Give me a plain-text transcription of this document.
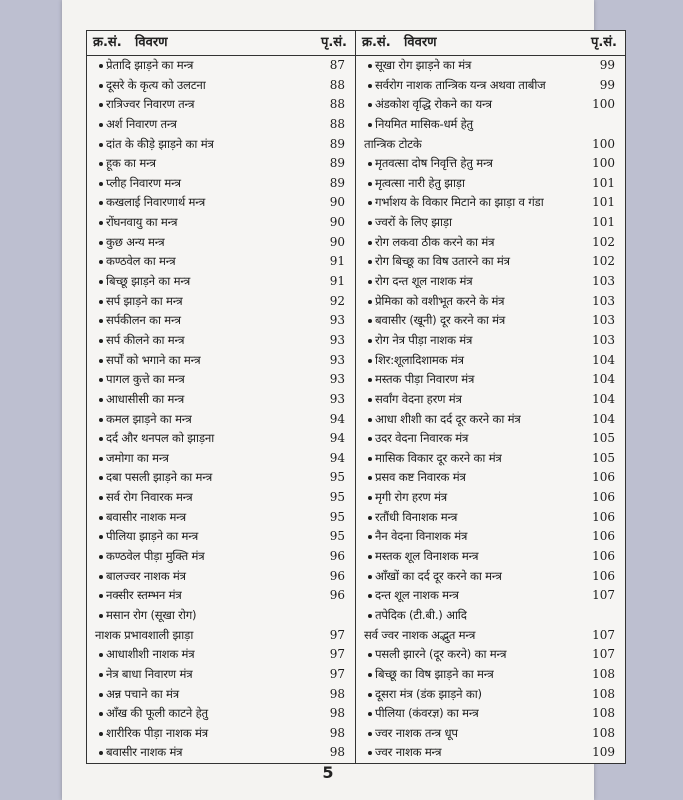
क्र.सं. विवरण	पृ.सं.
प्रेतादि झाड़ने का मन्त्र	87
दूसरे के कृत्य को उलटना	88
रात्रिज्वर निवारण तन्त्र	88
अर्श निवारण तन्त्र	88
दांत के कीड़े झाड़ने का मंत्र	89
हूक का मन्त्र	89
प्लीह निवारण मन्त्र	89
कखलाई निवारणार्थ मन्त्र	90
रोंघनवायु का मन्त्र	90
कुछ अन्य मन्त्र	90
कण्ठवेल का मन्त्र	91
बिच्छू झाड़ने का मन्त्र	91
सर्प झाड़ने का मन्त्र	92
सर्पकीलन का मन्त्र	93
सर्प कीलने का मन्त्र	93
सर्पों को भगाने का मन्त्र	93
पागल कुत्ते का मन्त्र	93
आधासीसी का मन्त्र	93
कमल झाड़ने का मन्त्र	94
दर्द और थनपल को झाड़ना	94
जमोगा का मन्त्र	94
दबा पसली झाड़ने का मन्त्र	95
सर्व रोग निवारक मन्त्र	95
बवासीर नाशक मन्त्र	95
पीलिया झाड़ने का मन्त्र	95
कण्ठवेल पीड़ा मुक्ति मंत्र	96
बालज्वर नाशक मंत्र	96
नक्सीर स्तम्भन मंत्र	96
मसान रोग (सूखा रोग)
नाशक प्रभावशाली झाड़ा	97
आधाशीशी नाशक मंत्र	97
नेत्र बाधा निवारण मंत्र	97
अन्न पचाने का मंत्र	98
आँख की फूली काटने हेतु	98
शारीरिक पीड़ा नाशक मंत्र	98
बवासीर नाशक मंत्र	98
क्र.सं. विवरण	पृ.सं.
सूखा रोग झाड़ने का मंत्र	99
सर्वरोग नाशक तान्त्रिक यन्त्र अथवा ताबीज	99
अंडकोश वृद्धि रोकने का यन्त्र	100
नियमित मासिक-धर्म हेतु
तान्त्रिक टोटके	100
मृतवत्सा दोष निवृत्ति हेतु मन्त्र	100
मृत्वत्सा नारी हेतु झाड़ा	101
गर्भाशय के विकार मिटाने का झाड़ा व गंडा	101
ज्वरों के लिए झाड़ा	101
रोग लकवा ठीक करने का मंत्र	102
रोग बिच्छू का विष उतारने का मंत्र	102
रोग दन्त शूल नाशक मंत्र	103
प्रेमिका को वशीभूत करने के मंत्र	103
बवासीर (खूनी) दूर करने का मंत्र	103
रोग नेत्र पीड़ा नाशक मंत्र	103
शिर:शूलादिशामक मंत्र	104
मस्तक पीड़ा निवारण मंत्र	104
सर्वांग वेदना हरण मंत्र	104
आधा शीशी का दर्द दूर करने का मंत्र	104
उदर वेदना निवारक मंत्र	105
मासिक विकार दूर करने का मंत्र	105
प्रसव कष्ट निवारक मंत्र	106
मृगी रोग हरण मंत्र	106
रतौंधी विनाशक मन्त्र	106
नैन वेदना विनाशक मंत्र	106
मस्तक शूल विनाशक मन्त्र	106
आँखों का दर्द दूर करने का मन्त्र	106
दन्त शूल नाशक मन्त्र	107
तपेदिक (टी.बी.) आदि
सर्व ज्वर नाशक अद्भुत मन्त्र	107
पसली झारने (दूर करने) का मन्त्र	107
बिच्छू का विष झाड़ने का मन्त्र	108
दूसरा मंत्र (डंक झाड़ने का)	108
पीलिया (कंवरज्ञ) का मन्त्र	108
ज्वर नाशक तन्त्र धूप	108
ज्वर नाशक मन्त्र	109
5
